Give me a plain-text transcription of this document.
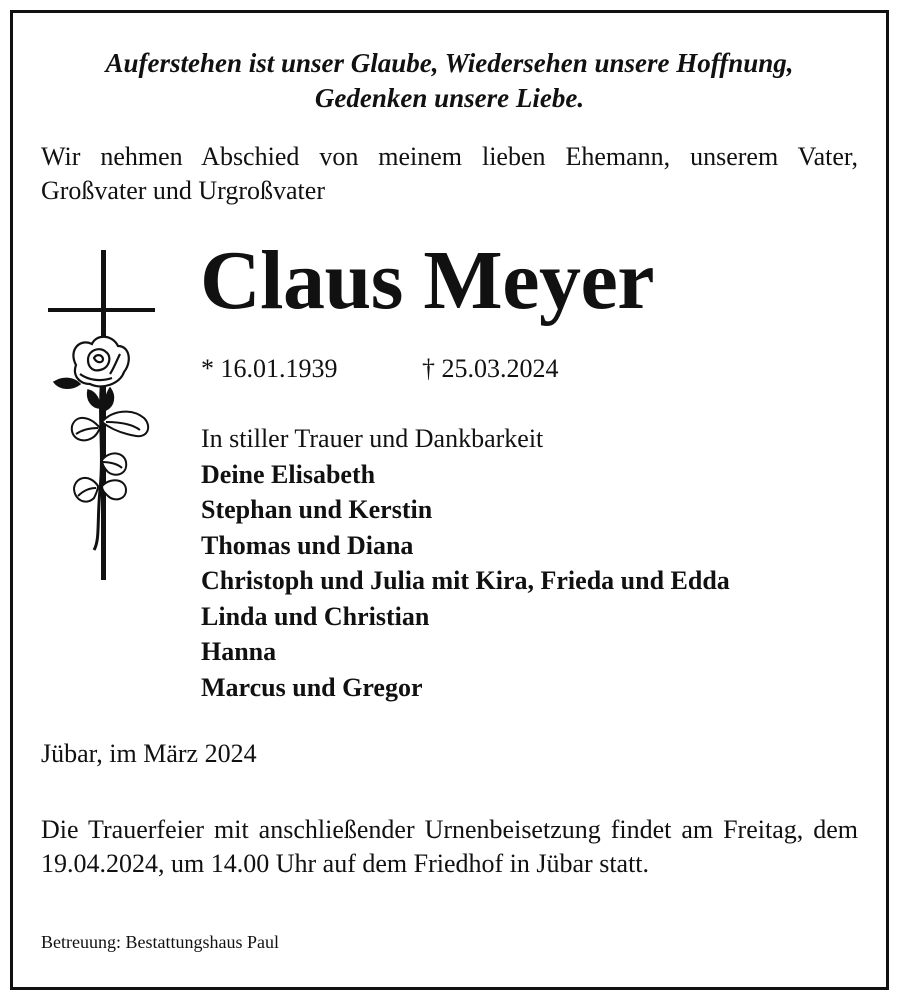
Auferstehen ist unser Glaube, Wiedersehen unsere Hoffnung,
Gedenken unsere Liebe.
Wir nehmen Abschied von meinem lieben Ehemann, unserem Vater, Großvater und Urgroßvater
Claus Meyer
* 16.01.1939	† 25.03.2024
In stiller Trauer und Dankbarkeit
Deine Elisabeth
Stephan und Kerstin
Thomas und Diana
Christoph und Julia mit Kira, Frieda und Edda
Linda und Christian
Hanna
Marcus und Gregor
Jübar, im März 2024
Die Trauerfeier mit anschließender Urnenbeisetzung findet am Freitag, dem 19.04.2024, um 14.00 Uhr auf dem Friedhof in Jübar statt.
Betreuung: Bestattungshaus Paul
